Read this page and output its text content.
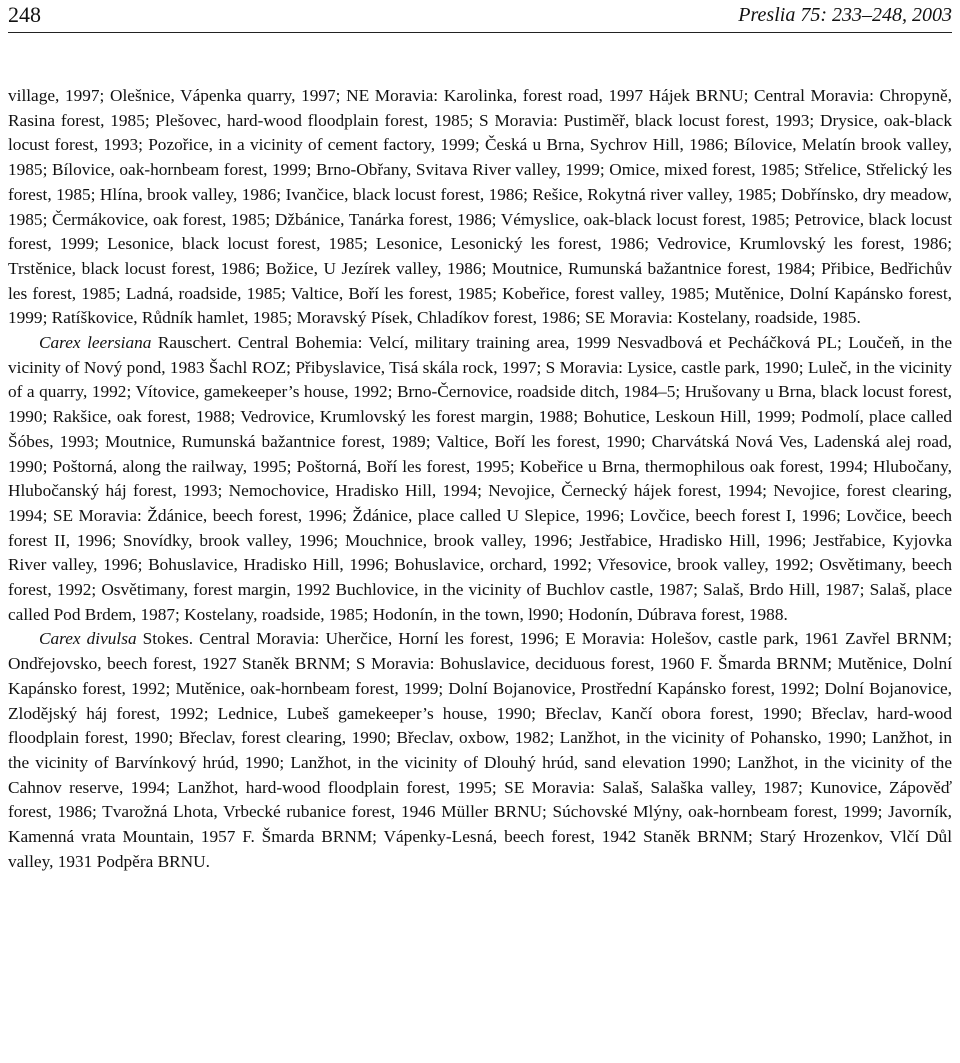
248	Preslia 75: 233–248, 2003

village, 1997; Olešnice, Vápenka quarry, 1997; NE Moravia: Karolinka, forest road, 1997 Hájek BRNU; Central Moravia: Chropyně, Rasina forest, 1985; Plešovec, hard-wood floodplain forest, 1985; S Moravia: Pustiměř, black locust forest, 1993; Drysice, oak-black locust forest, 1993; Pozořice, in a vicinity of cement factory, 1999; Česká u Brna, Sychrov Hill, 1986; Bílovice, Melatín brook valley, 1985; Bílovice, oak-hornbeam forest, 1999; Brno-Obřany, Svitava River valley, 1999; Omice, mixed forest, 1985; Střelice, Střelický les forest, 1985; Hlína, brook valley, 1986; Ivančice, black locust forest, 1986; Rešice, Rokytná river valley, 1985; Dobřínsko, dry meadow, 1985; Čermákovice, oak forest, 1985; Džbánice, Tanárka forest, 1986; Vémyslice, oak-black locust forest, 1985; Petrovice, black locust forest, 1999; Lesonice, black locust forest, 1985; Lesonice, Lesonický les forest, 1986; Vedrovice, Krumlovský les forest, 1986; Trstěnice, black locust forest, 1986; Božice, U Jezírek valley, 1986; Moutnice, Rumunská bažantnice forest, 1984; Přibice, Bedřichův les forest, 1985; Ladná, roadside, 1985; Valtice, Boří les forest, 1985; Kobeřice, forest valley, 1985; Mutěnice, Dolní Kapánsko forest, 1999; Ratíškovice, Růdník hamlet, 1985; Moravský Písek, Chladíkov forest, 1986; SE Moravia: Kostelany, roadside, 1985.

Carex leersiana Rauschert. Central Bohemia: Velcí, military training area, 1999 Nesvadbová et Pecháčková PL; Loučeň, in the vicinity of Nový pond, 1983 Šachl ROZ; Přibyslavice, Tisá skála rock, 1997; S Moravia: Lysice, castle park, 1990; Luleč, in the vicinity of a quarry, 1992; Vítovice, gamekeeper’s house, 1992; Brno-Černovice, roadside ditch, 1984–5; Hrušovany u Brna, black locust forest, 1990; Rakšice, oak forest, 1988; Vedrovice, Krumlovský les forest margin, 1988; Bohutice, Leskoun Hill, 1999; Podmolí, place called Šóbes, 1993; Moutnice, Rumunská bažantnice forest, 1989; Valtice, Boří les forest, 1990; Charvátská Nová Ves, Ladenská alej road, 1990; Poštorná, along the railway, 1995; Poštorná, Boří les forest, 1995; Kobeřice u Brna, thermophilous oak forest, 1994; Hlubočany, Hlubočanský háj forest, 1993; Nemochovice, Hradisko Hill, 1994; Nevojice, Černecký hájek forest, 1994; Nevojice, forest clearing, 1994; SE Moravia: Ždánice, beech forest, 1996; Ždánice, place called U Slepice, 1996; Lovčice, beech forest I, 1996; Lovčice, beech forest II, 1996; Snovídky, brook valley, 1996; Mouchnice, brook valley, 1996; Jestřabice, Hradisko Hill, 1996; Jestřabice, Kyjovka River valley, 1996; Bohuslavice, Hradisko Hill, 1996; Bohuslavice, orchard, 1992; Vřesovice, brook valley, 1992; Osvětimany, beech forest, 1992; Osvětimany, forest margin, 1992 Buchlovice, in the vicinity of Buchlov castle, 1987; Salaš, Brdo Hill, 1987; Salaš, place called Pod Brdem, 1987; Kostelany, roadside, 1985; Hodonín, in the town, l990; Hodonín, Dúbrava forest, 1988.

Carex divulsa Stokes. Central Moravia: Uherčice, Horní les forest, 1996; E Moravia: Holešov, castle park, 1961 Zavřel BRNM; Ondřejovsko, beech forest, 1927 Staněk BRNM; S Moravia: Bohuslavice, deciduous forest, 1960 F. Šmarda BRNM; Mutěnice, Dolní Kapánsko forest, 1992; Mutěnice, oak-hornbeam forest, 1999; Dolní Bojanovice, Prostřední Kapánsko forest, 1992; Dolní Bojanovice, Zlodějský háj forest, 1992; Lednice, Lubeš gamekeeper’s house, 1990; Břeclav, Kančí obora forest, 1990; Břeclav, hard-wood floodplain forest, 1990; Břeclav, forest clearing, 1990; Břeclav, oxbow, 1982; Lanžhot, in the vicinity of Pohansko, 1990; Lanžhot, in the vicinity of Barvínkový hrúd, 1990; Lanžhot, in the vicinity of Dlouhý hrúd, sand elevation 1990; Lanžhot, in the vicinity of the Cahnov reserve, 1994; Lanžhot, hard-wood floodplain forest, 1995; SE Moravia: Salaš, Salaška valley, 1987; Kunovice, Zápověď forest, 1986; Tvarožná Lhota, Vrbecké rubanice forest, 1946 Müller BRNU; Súchovské Mlýny, oak-hornbeam forest, 1999; Javorník, Kamenná vrata Mountain, 1957 F. Šmarda BRNM; Vápenky-Lesná, beech forest, 1942 Staněk BRNM; Starý Hrozenkov, Vlčí Důl valley, 1931 Podpěra BRNU.
